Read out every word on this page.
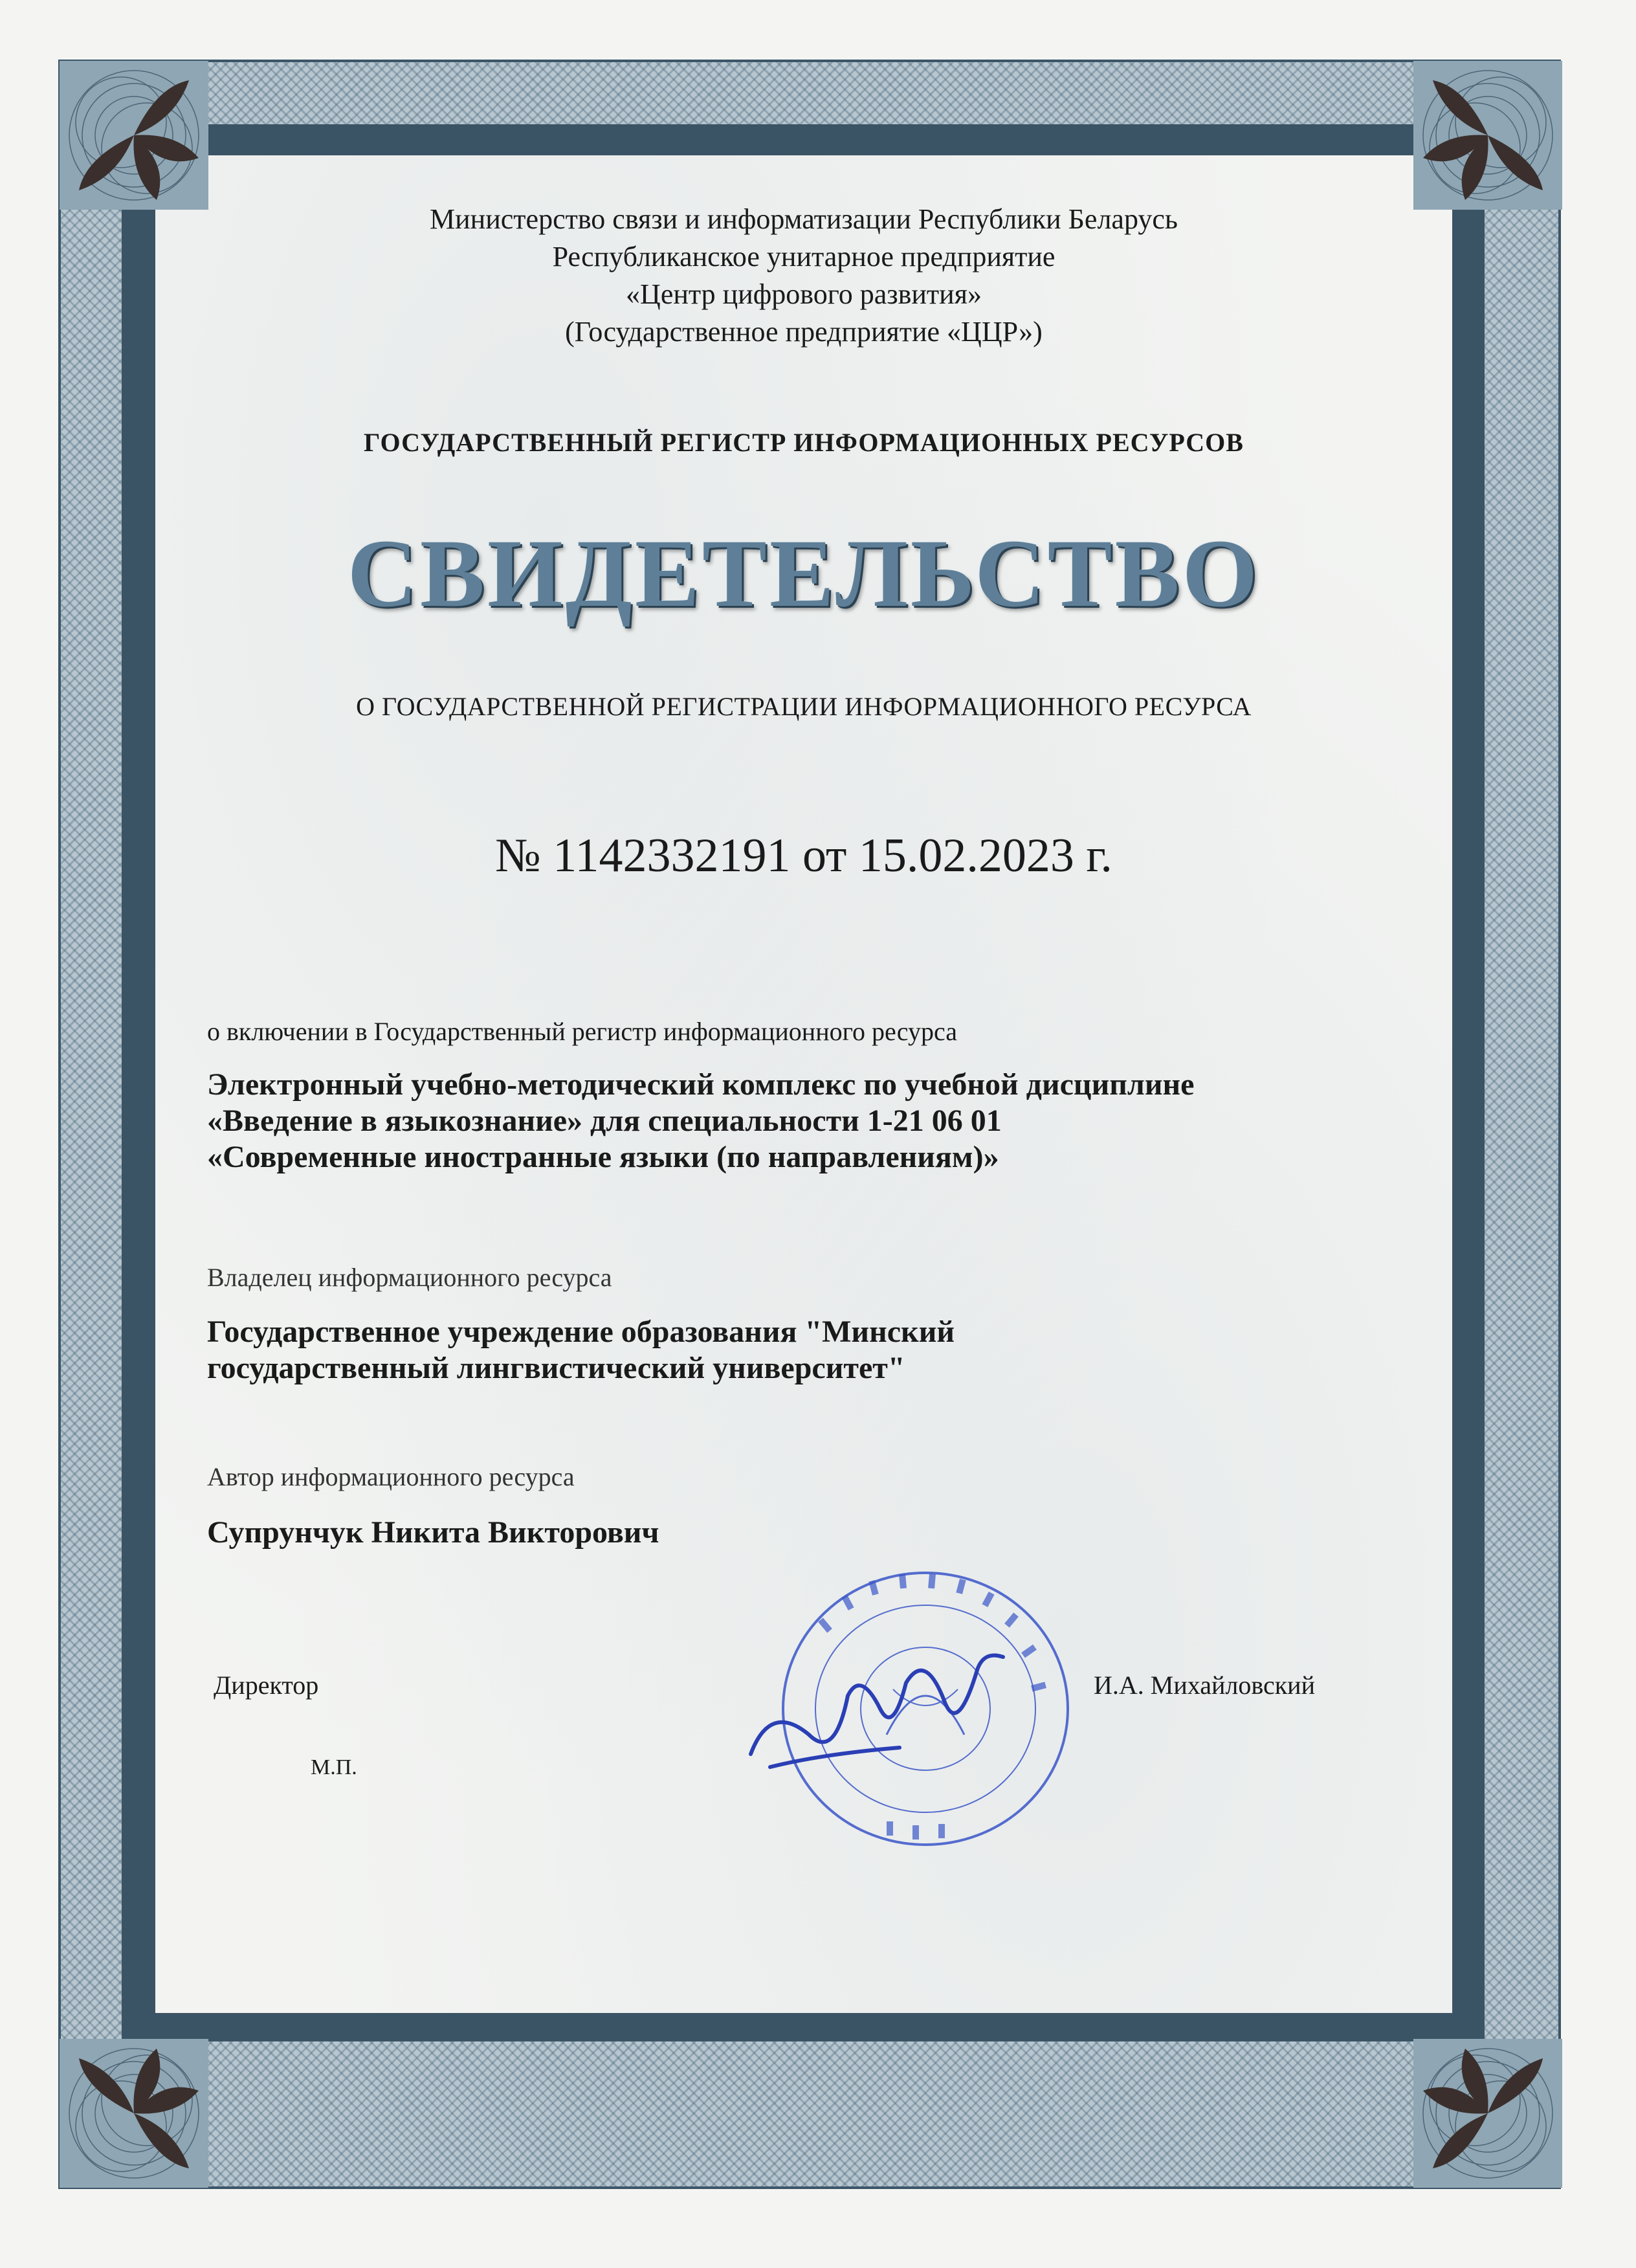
Министерство связи и информатизации Республики Беларусь
Республиканское унитарное предприятие
«Центр цифрового развития»
(Государственное предприятие «ЦЦР»)
ГОСУДАРСТВЕННЫЙ РЕГИСТР ИНФОРМАЦИОННЫХ РЕСУРСОВ
СВИДЕТЕЛЬСТВО
О ГОСУДАРСТВЕННОЙ РЕГИСТРАЦИИ ИНФОРМАЦИОННОГО РЕСУРСА
№ 1142332191 от 15.02.2023 г.
о включении в Государственный регистр информационного ресурса
Электронный учебно-методический комплекс по учебной дисциплине
«Введение в языкознание» для специальности 1-21 06 01
«Современные иностранные языки (по направлениям)»
Владелец информационного ресурса
Государственное учреждение образования "Минский
государственный лингвистический университет"
Автор информационного ресурса
Супрунчук Никита Викторович
Директор	И.А. Михайловский
М.П.
